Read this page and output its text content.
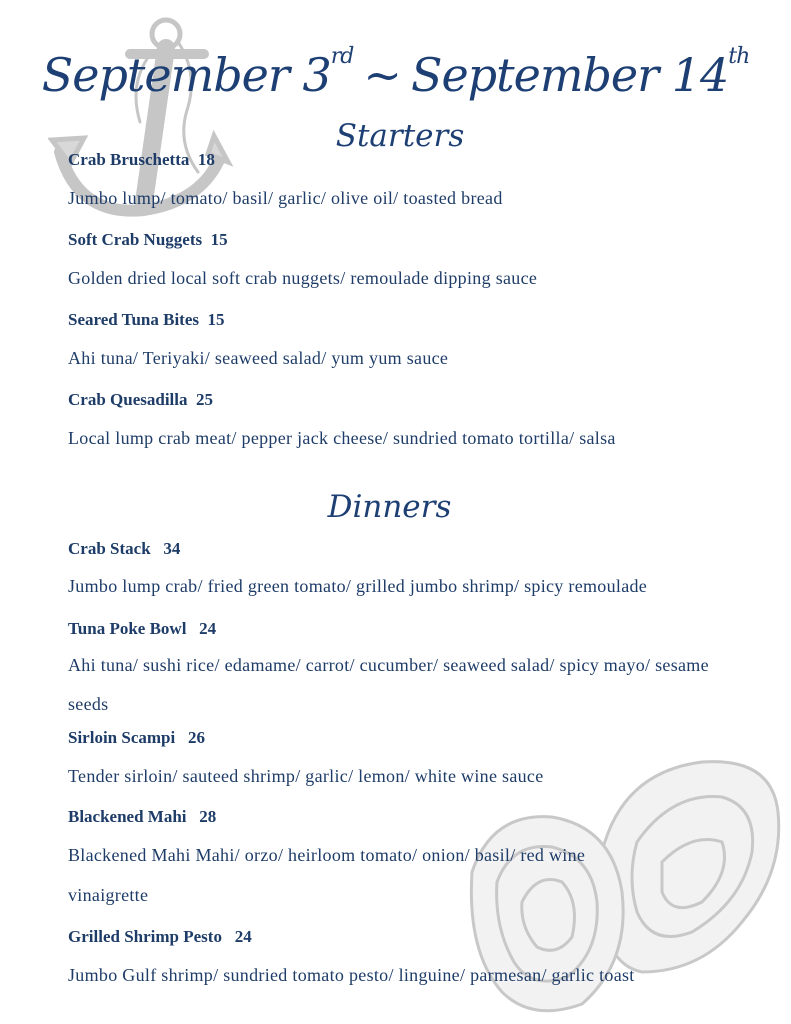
September 3rd ~ September 14th
Starters
Crab Bruschetta  18
Jumbo lump/ tomato/ basil/ garlic/ olive oil/ toasted bread
Soft Crab Nuggets  15
Golden dried local soft crab nuggets/ remoulade dipping sauce
Seared Tuna Bites  15
Ahi tuna/ Teriyaki/ seaweed salad/ yum yum sauce
Crab Quesadilla  25
Local lump crab meat/ pepper jack cheese/ sundried tomato tortilla/ salsa
Dinners
Crab Stack   34
Jumbo lump crab/ fried green tomato/ grilled jumbo shrimp/ spicy remoulade
Tuna Poke Bowl   24
Ahi tuna/ sushi rice/ edamame/ carrot/ cucumber/ seaweed salad/ spicy mayo/ sesame seeds
Sirloin Scampi   26
Tender sirloin/ sauteed shrimp/ garlic/ lemon/ white wine sauce
Blackened Mahi   28
Blackened Mahi Mahi/ orzo/ heirloom tomato/ onion/ basil/ red wine vinaigrette
Grilled Shrimp Pesto   24
Jumbo Gulf shrimp/ sundried tomato pesto/ linguine/ parmesan/ garlic toast
